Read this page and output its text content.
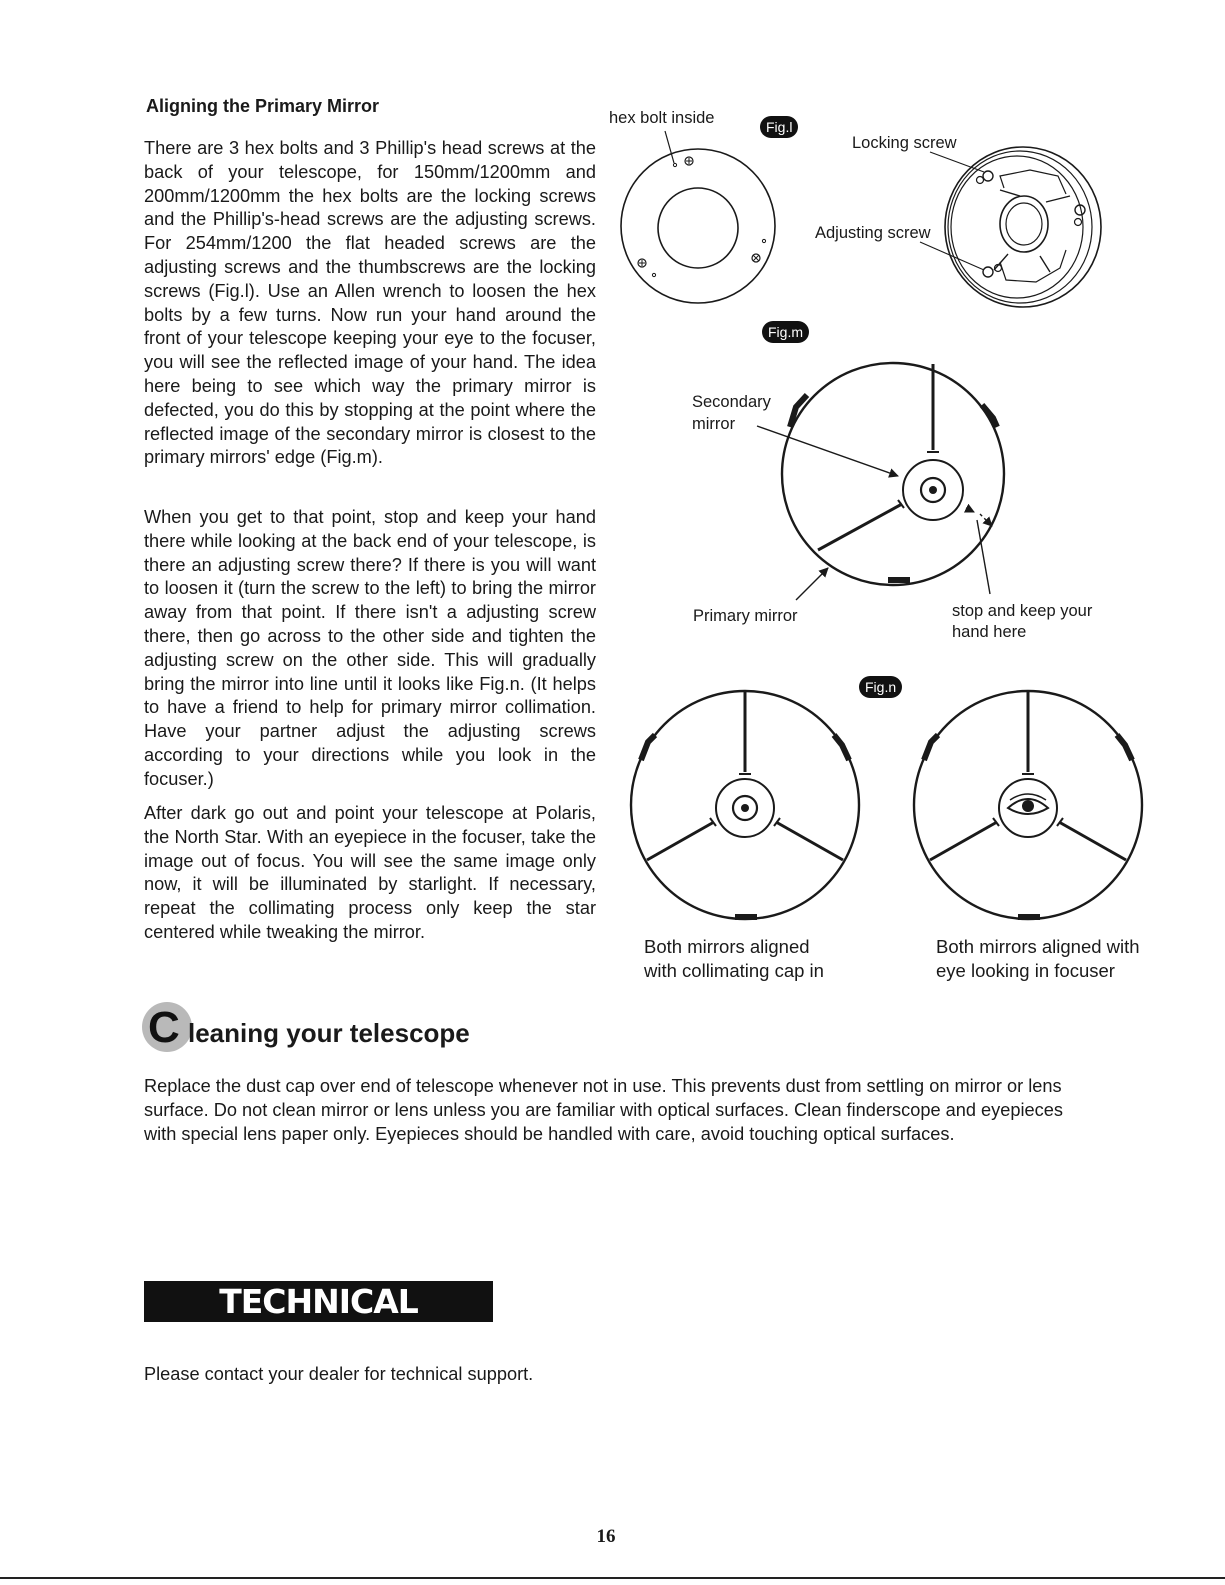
Aligning the Primary Mirror

There are 3 hex bolts and 3 Phillip's head screws at the back of your telescope, for 150mm/1200mm and 200mm/1200mm the hex bolts are the locking screws and the Phillip's-head screws are the adjusting screws. For 254mm/1200 the flat headed screws are the adjusting screws and the thumbscrews are the locking screws (Fig.l). Use an Allen wrench to loosen the hex bolts by a few turns. Now run your hand around the front of your telescope keeping your eye to the focuser, you will see the reflected image of your hand. The idea here being to see which way the primary mirror is defected, you do this by stopping at the point where the reflected image of the secondary mirror is closest to the primary mirrors' edge (Fig.m).

When you get to that point, stop and keep your hand there while looking at the back end of your telescope, is there an adjusting screw there? If there is you will want to loosen it (turn the screw to the left) to bring the mirror away from that point. If there isn't a adjusting screw there, then go across to the other side and tighten the adjusting screw on the other side. This will gradually bring the mirror into line until it looks like Fig.n. (It helps to have a friend to help for primary mirror collimation. Have your partner adjust the adjusting screws according to your directions while you look in the focuser.)

After dark go out and point your telescope at Polaris, the North Star. With an eyepiece in the focuser, take the image out of focus. You will see the same image only now, it will be illuminated by starlight. If necessary, repeat the collimating process only keep the star centered while tweaking the mirror.

hex bolt inside	Fig.l
Locking screw
Adjusting screw
Fig.m
Secondary
mirror
Primary mirror	stop and keep your
hand here
Fig.n
Both mirrors aligned
with collimating cap in
Both mirrors aligned with
eye looking in focuser
C leaning your telescope

Replace the dust cap over end of telescope whenever not in use. This prevents dust from settling on mirror or lens surface. Do not clean mirror or lens unless you are familiar with optical surfaces. Clean finderscope and eyepieces with special lens paper only. Eyepieces should be handled with care, avoid touching optical surfaces.

TECHNICAL SUPPORT
Please contact your dealer for technical support.
16
